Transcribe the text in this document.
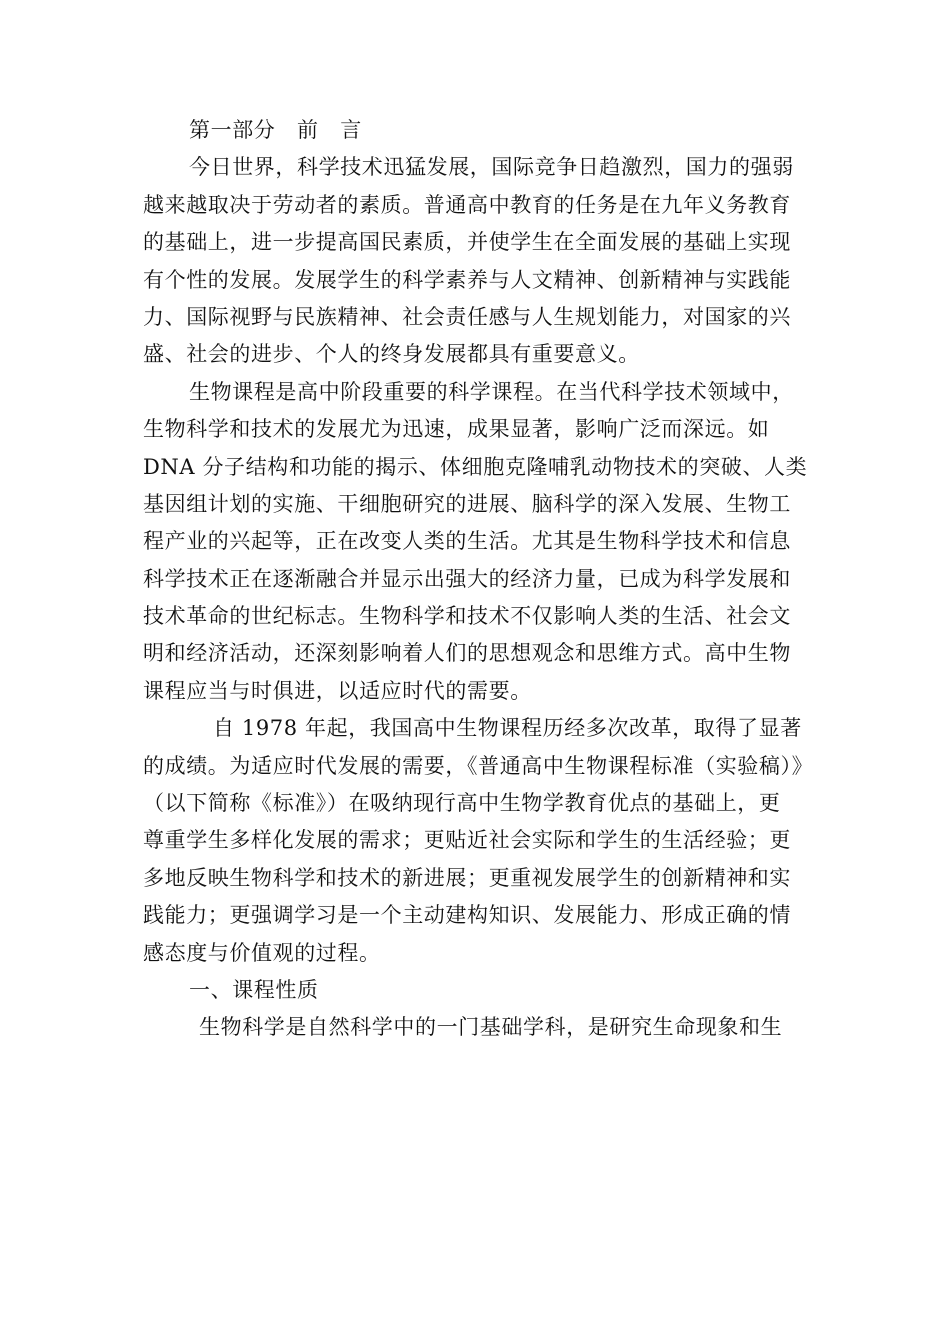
第一部分　前　言
今日世界，科学技术迅猛发展，国际竞争日趋激烈，国力的强弱
越来越取决于劳动者的素质。普通高中教育的任务是在九年义务教育
的基础上，进一步提高国民素质，并使学生在全面发展的基础上实现
有个性的发展。发展学生的科学素养与人文精神、创新精神与实践能
力、国际视野与民族精神、社会责任感与人生规划能力，对国家的兴
盛、社会的进步、个人的终身发展都具有重要意义。
生物课程是高中阶段重要的科学课程。在当代科学技术领域中，
生物科学和技术的发展尤为迅速，成果显著，影响广泛而深远。如
DNA 分子结构和功能的揭示、体细胞克隆哺乳动物技术的突破、人类
基因组计划的实施、干细胞研究的进展、脑科学的深入发展、生物工
程产业的兴起等，正在改变人类的生活。尤其是生物科学技术和信息
科学技术正在逐渐融合并显示出强大的经济力量，已成为科学发展和
技术革命的世纪标志。生物科学和技术不仅影响人类的生活、社会文
明和经济活动，还深刻影响着人们的思想观念和思维方式。高中生物
课程应当与时俱进，以适应时代的需要。
自 1978 年起，我国高中生物课程历经多次改革，取得了显著
的成绩。为适应时代发展的需要，《普通高中生物课程标准（实验稿）》
（以下简称《标准》）在吸纳现行高中生物学教育优点的基础上，更
尊重学生多样化发展的需求；更贴近社会实际和学生的生活经验；更
多地反映生物科学和技术的新进展；更重视发展学生的创新精神和实
践能力；更强调学习是一个主动建构知识、发展能力、形成正确的情
感态度与价值观的过程。
一、课程性质
生物科学是自然科学中的一门基础学科，是研究生命现象和生
